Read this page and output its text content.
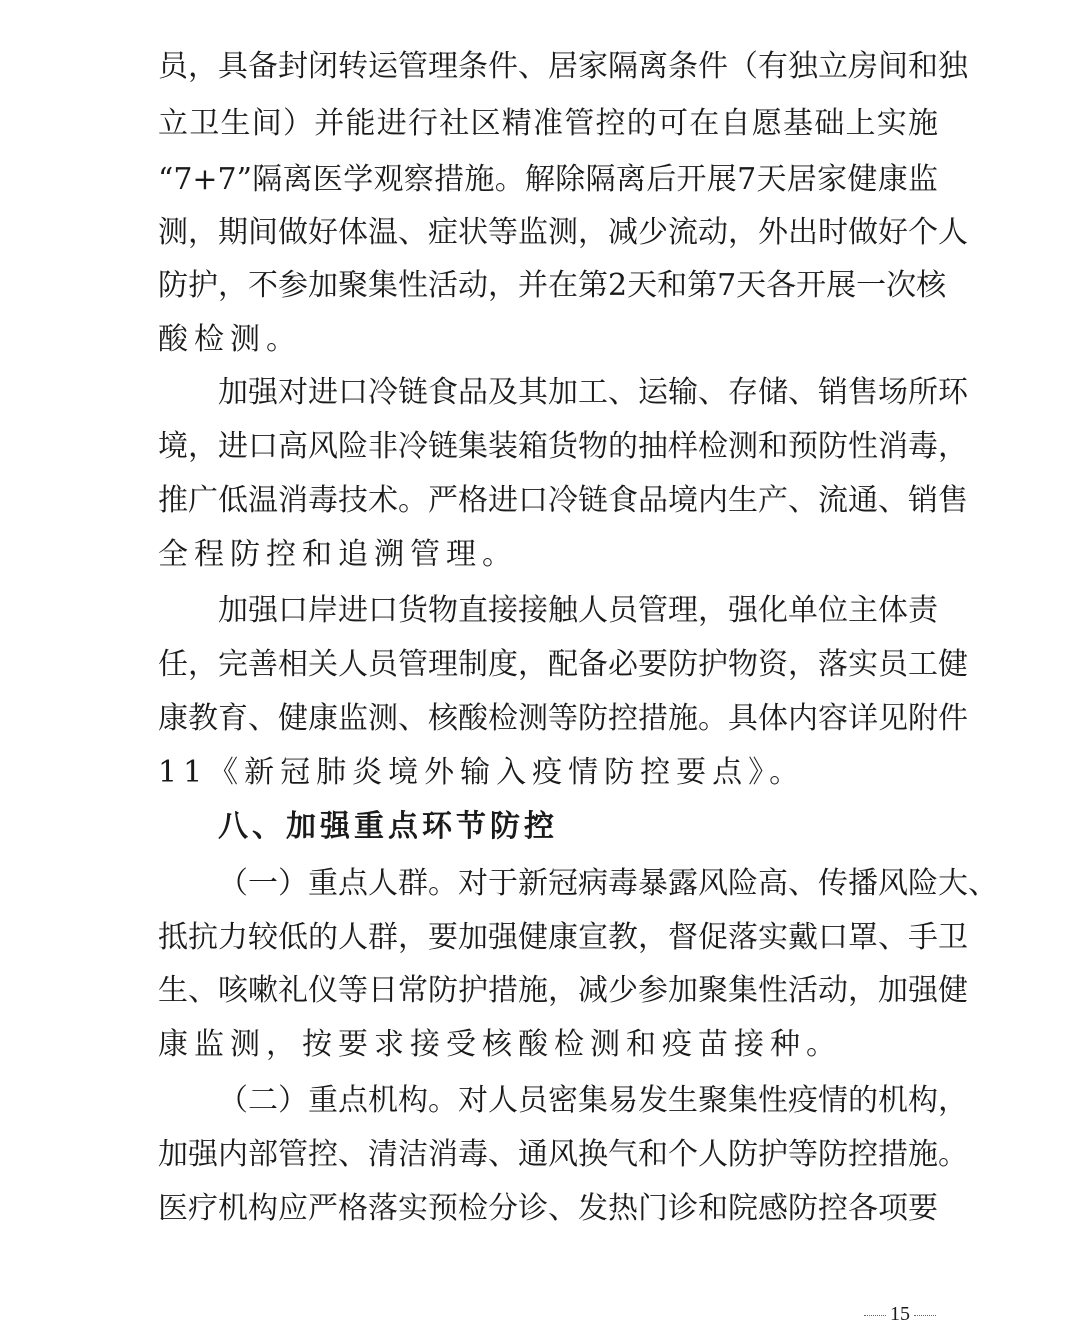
员，具备封闭转运管理条件、居家隔离条件（有独立房间和独
立卫生间）并能进行社区精准管控的可在自愿基础上实施
“7+7”隔离医学观察措施。解除隔离后开展7天居家健康监
测，期间做好体温、症状等监测，减少流动，外出时做好个人
防护，不参加聚集性活动，并在第2天和第7天各开展一次核
酸检测。
加强对进口冷链食品及其加工、运输、存储、销售场所环
境，进口高风险非冷链集装箱货物的抽样检测和预防性消毒，
推广低温消毒技术。严格进口冷链食品境内生产、流通、销售
全程防控和追溯管理。
加强口岸进口货物直接接触人员管理，强化单位主体责
任，完善相关人员管理制度，配备必要防护物资，落实员工健
康教育、健康监测、核酸检测等防控措施。具体内容详见附件
11《新冠肺炎境外输入疫情防控要点》。
八、加强重点环节防控
（一）重点人群。对于新冠病毒暴露风险高、传播风险大、
抵抗力较低的人群，要加强健康宣教，督促落实戴口罩、手卫
生、咳嗽礼仪等日常防护措施，减少参加聚集性活动，加强健
康监测，按要求接受核酸检测和疫苗接种。
（二）重点机构。对人员密集易发生聚集性疫情的机构，
加强内部管控、清洁消毒、通风换气和个人防护等防控措施。
医疗机构应严格落实预检分诊、发热门诊和院感防控各项要
15
